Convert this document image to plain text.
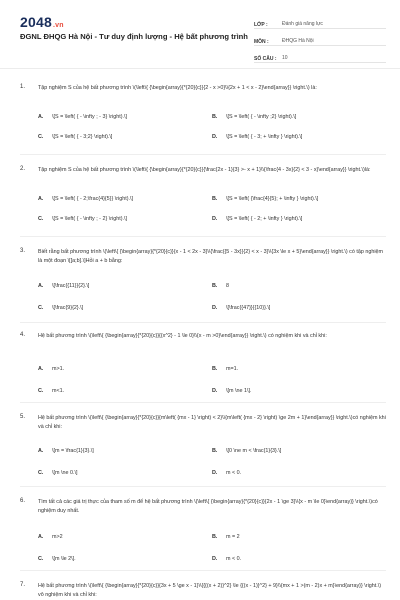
2048.vn
ĐGNL ĐHQG Hà Nội - Tư duy định lượng - Hệ bất phương trình
LỚP :	Đánh giá năng lực
MÔN :	ĐHQG Hà Nội
SỐ CÂU :	10
1. Tập nghiệm S của hệ bất phương trình \(\left\{ {\begin{array}{*{20}{c}}{2 - x >0}\\{2x + 1 < x - 2}\end{array}} \right.\) là:
A. \[S = \left( { - \infty ; - 3} \right).\]	B. \[S = \left( { - \infty ;2} \right).\]
C. \[S = \left( { - 3;2} \right).\]	D. \[S = \left( { - 3; + \infty } \right).\]
2. Tập nghiệm S của hệ bất phương trình \(\left\{ {\begin{array}{*{20}{c}}{\frac{2x - 1}{3} >- x + 1}\\{\frac{4 - 3x}{2} < 3 - x}\end{array}} \right.\)là:
A. \[S = \left( { - 2;\frac{4}{5}} \right).\]	B. \[S = \left( {\frac{4}{5}; + \infty } \right).\]
C. \[S = \left( { - \infty ; - 2} \right).\]	D. \[S = \left( { - 2; + \infty } \right).\]
3. Biết rằng bất phương trình \(\left\{ {\begin{array}{*{20}{c}}{x - 1 < 2x - 3}\\{\frac{{5 - 3x}}{2} < x - 3}\\{3x \le x + 5}\end{array}} \right.\) có tập nghiệm là một đoạn \[[a;b].\]Hỏi a + b bằng:
A. \[\frac{{11}}{2}.\]	B. 8
C. \[\frac{9}{2}.\]	D. \[\frac{{47}}{{10}}.\]
4. Hệ bất phương trình \(\left\{ {\begin{array}{*{20}{c}}{{x^2} - 1 \le 0}\\{x - m >0}\end{array}} \right.\) có nghiệm khi và chỉ khi:
A. m>1.	B. m=1.
C. m<1.	D. \[m \ne 1\].
5. Hệ bất phương trình \(\left\{ {\begin{array}{*{20}{c}}{m\left( {mx - 1} \right) < 2}\\{m\left( {mx - 2} \right) \ge 2m + 1}\end{array}} \right.\)có nghiệm khi và chỉ khi:
A. \[m = \frac{1}{3}.\]	B. \[0 \ne m < \frac{1}{3}.\]
C. \[m \ne 0.\]	D. m < 0.
6. Tìm tất cả các giá trị thực của tham số m để hệ bất phương trình \(\left\{ {\begin{array}{*{20}{c}}{2x - 1 \ge 3}\\{x - m \le 0}\end{array}} \right.\)có nghiệm duy nhất.
A. m>2	B. m = 2
C. \[m \le 2\].	D. m < 0.
7. Hệ bất phương trình \(\left\{ {\begin{array}{*{20}{c}}{3x + 5 \ge x - 1}\\{{{(x + 2)}^2} \le {{(x - 1)}^2} + 9}\\{mx + 1 >(m - 2)x + m}\end{array}} \right.\) vô nghiệm khi và chỉ khi:
